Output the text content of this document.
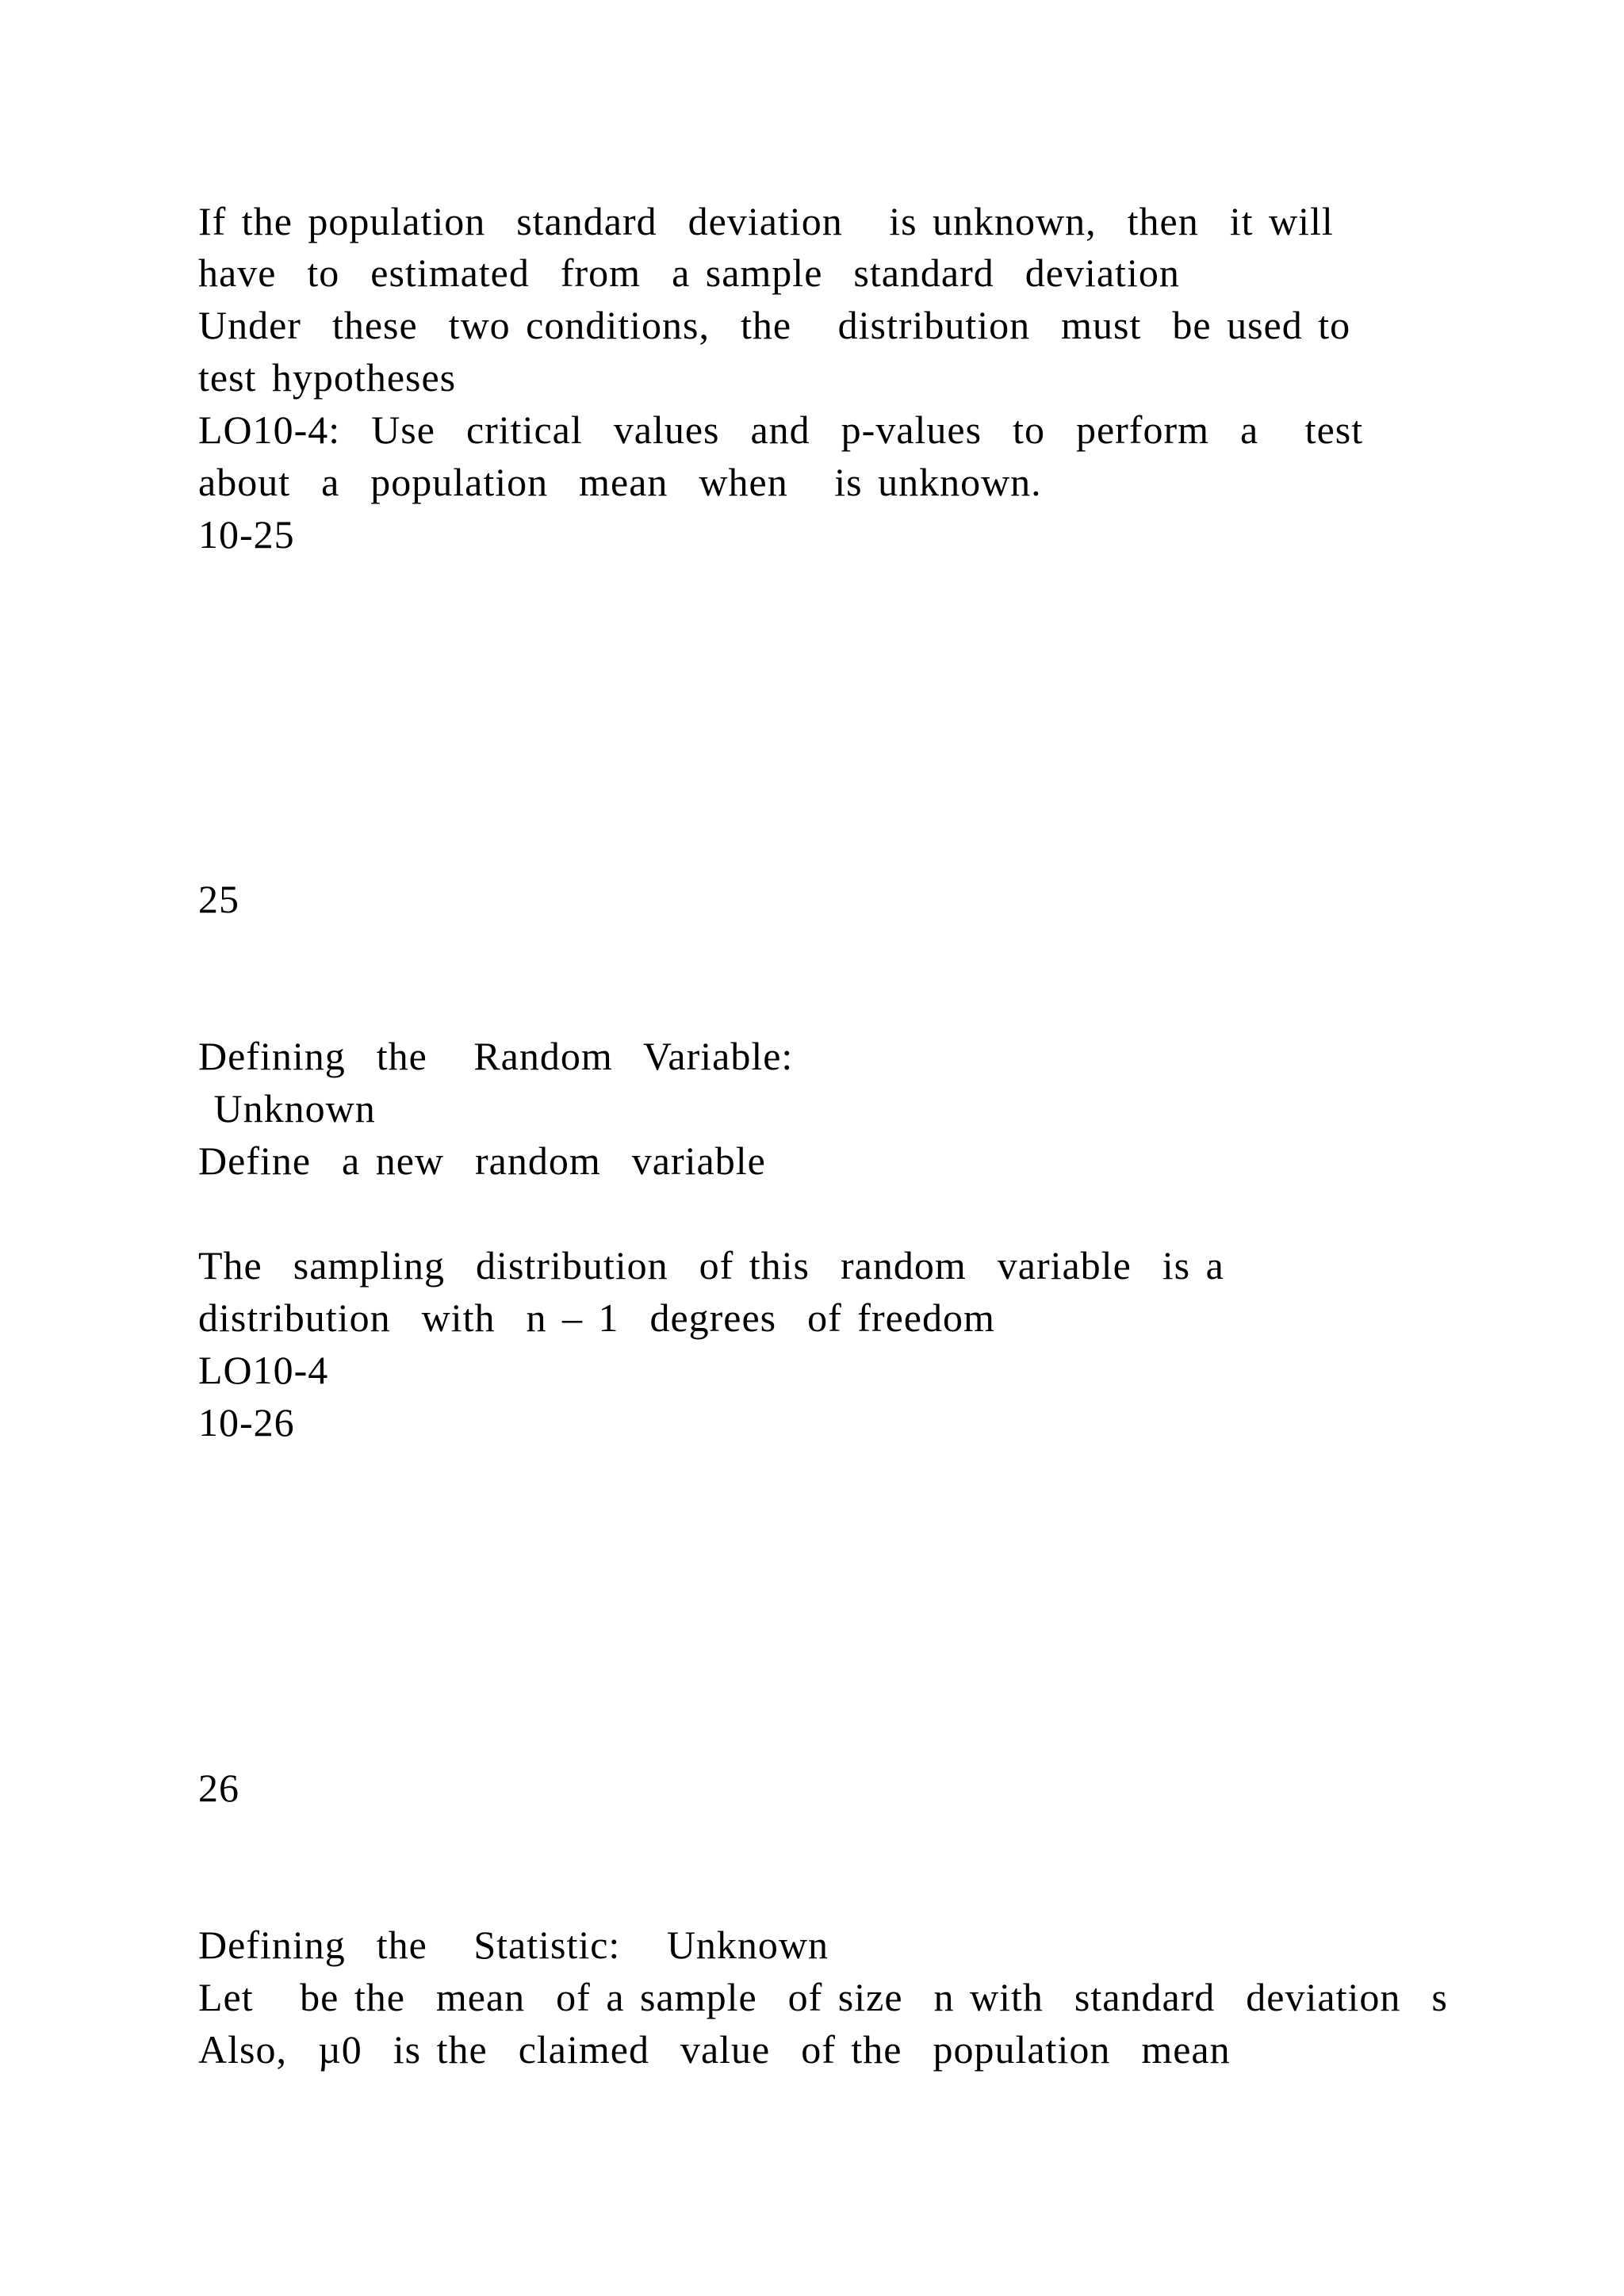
If the population  standard  deviation   is unknown,  then  it will
have  to  estimated  from  a sample  standard  deviation
Under  these  two conditions,  the   distribution  must  be used to
test hypotheses
LO10-4:  Use  critical  values  and  p-values  to  perform  a   test
about  a  population  mean  when   is unknown.
10-25
25
Defining  the   Random  Variable:
Unknown
Define  a new  random  variable
The  sampling  distribution  of this  random  variable  is a
distribution  with  n – 1  degrees  of freedom
LO10-4
10-26
26
Defining  the   Statistic:   Unknown
Let   be the  mean  of a sample  of size  n with  standard  deviation  s
Also,  µ0  is the  claimed  value  of the  population  mean
